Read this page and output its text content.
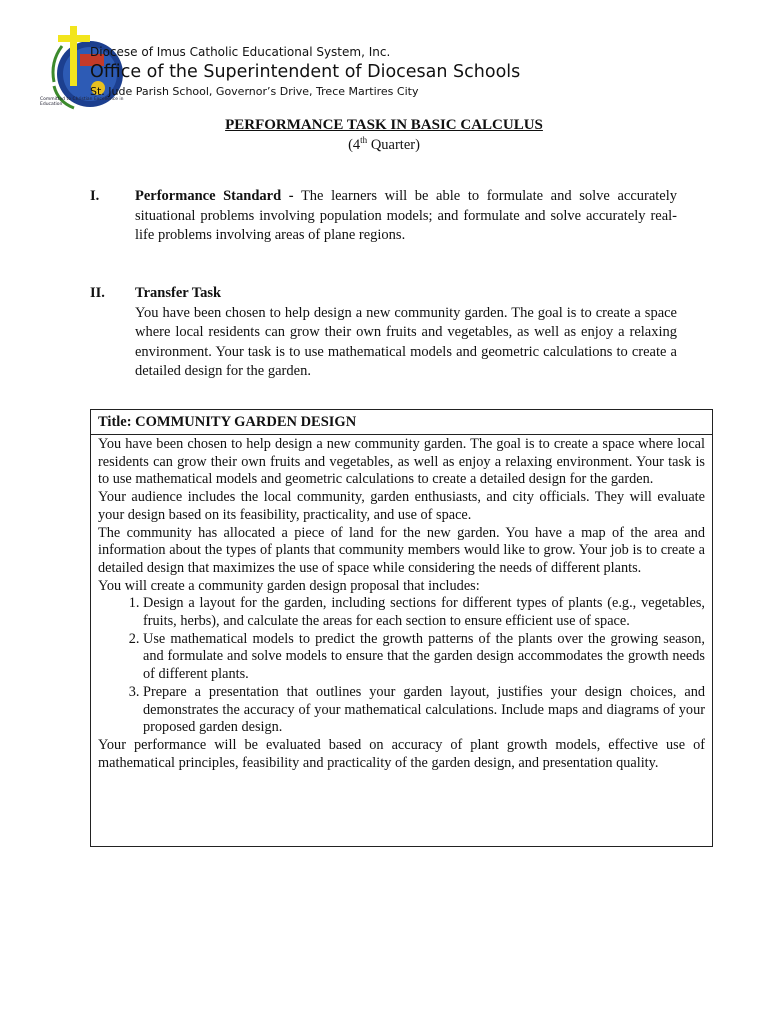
Committed to Christian Excellence in Education
Diocese of Imus Catholic Educational System, Inc.
Office of the Superintendent of Diocesan Schools
St. Jude Parish School, Governor’s Drive, Trece Martires City
PERFORMANCE TASK IN BASIC CALCULUS
(4th Quarter)
I. Performance Standard - The learners will be able to formulate and solve accurately situational problems involving population models; and formulate and solve accurately real-life problems involving areas of plane regions.
II. Transfer Task
You have been chosen to help design a new community garden. The goal is to create a space where local residents can grow their own fruits and vegetables, as well as enjoy a relaxing environment. Your task is to use mathematical models and geometric calculations to create a detailed design for the garden.
Title: COMMUNITY GARDEN DESIGN

You have been chosen to help design a new community garden. The goal is to create a space where local residents can grow their own fruits and vegetables, as well as enjoy a relaxing environment. Your task is to use mathematical models and geometric calculations to create a detailed design for the garden.

Your audience includes the local community, garden enthusiasts, and city officials. They will evaluate your design based on its feasibility, practicality, and use of space.

The community has allocated a piece of land for the new garden. You have a map of the area and information about the types of plants that community members would like to grow. Your job is to create a detailed design that maximizes the use of space while considering the needs of different plants.

You will create a community garden design proposal that includes:

1. Design a layout for the garden, including sections for different types of plants (e.g., vegetables, fruits, herbs), and calculate the areas for each section to ensure efficient use of space.
2. Use mathematical models to predict the growth patterns of the plants over the growing season, and formulate and solve models to ensure that the garden design accommodates the growth needs of different plants.
3. Prepare a presentation that outlines your garden layout, justifies your design choices, and demonstrates the accuracy of your mathematical calculations. Include maps and diagrams of your proposed garden design.

Your performance will be evaluated based on accuracy of plant growth models, effective use of mathematical principles, feasibility and practicality of the garden design, and presentation quality.
